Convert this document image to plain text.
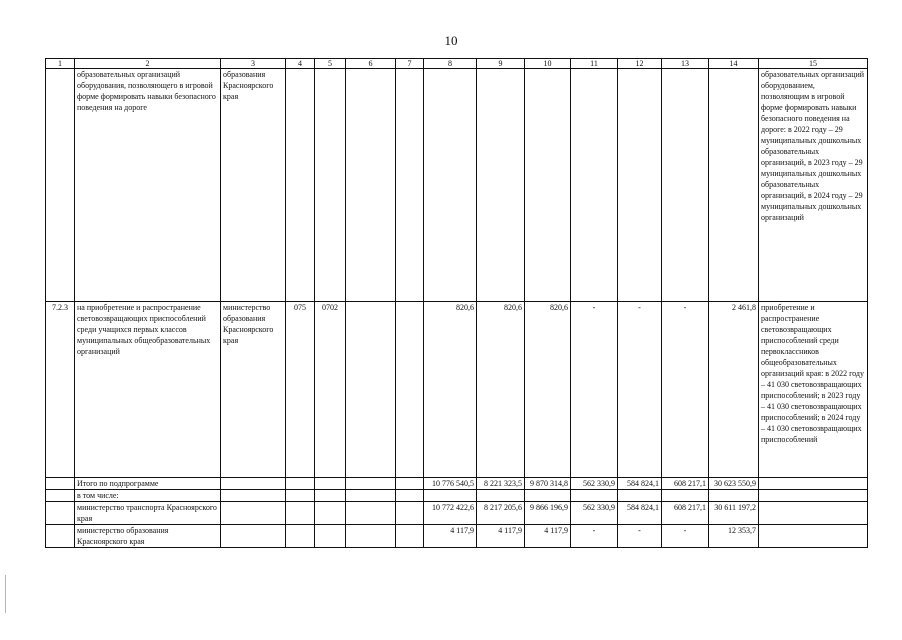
10
1	2	3	4	5	6	7	8	9	10	11	12	13	14	15
	образовательных организаций оборудования, позволяющего в игровой форме формировать навыки безопасного поведения на дороге	образования Красноярского края												образовательных организаций оборудованием, позволяющим в игровой форме формировать навыки безопасного поведения на дороге: в 2022 году – 29 муниципальных дошкольных образовательных организаций, в 2023 году – 29 муниципальных дошкольных образовательных организаций, в 2024 году – 29 муниципальных дошкольных организаций
7.2.3	на приобретение и распространение световозвращающих приспособлений среди учащихся первых классов муниципальных общеобразовательных организаций	министерство образования Красноярского края	075	0702			820,6	820,6	820,6	-	-	-	2 461,8	приобретение и распространение световозвращающих приспособлений среди первоклассников общеобразовательных организаций края: в 2022 году – 41 030 световозвращающих приспособлений; в 2023 году – 41 030 световозвращающих приспособлений; в 2024 году – 41 030 световозвращающих приспособлений
	Итого по подпрограмме						10 776 540,5	8 221 323,5	9 870 314,8	562 330,9	584 824,1	608 217,1	30 623 550,9	
	в том числе:													
	министерство транспорта Красноярского края						10 772 422,6	8 217 205,6	9 866 196,9	562 330,9	584 824,1	608 217,1	30 611 197,2	
	министерство образования Красноярского края						4 117,9	4 117,9	4 117,9	-	-	-	12 353,7	
